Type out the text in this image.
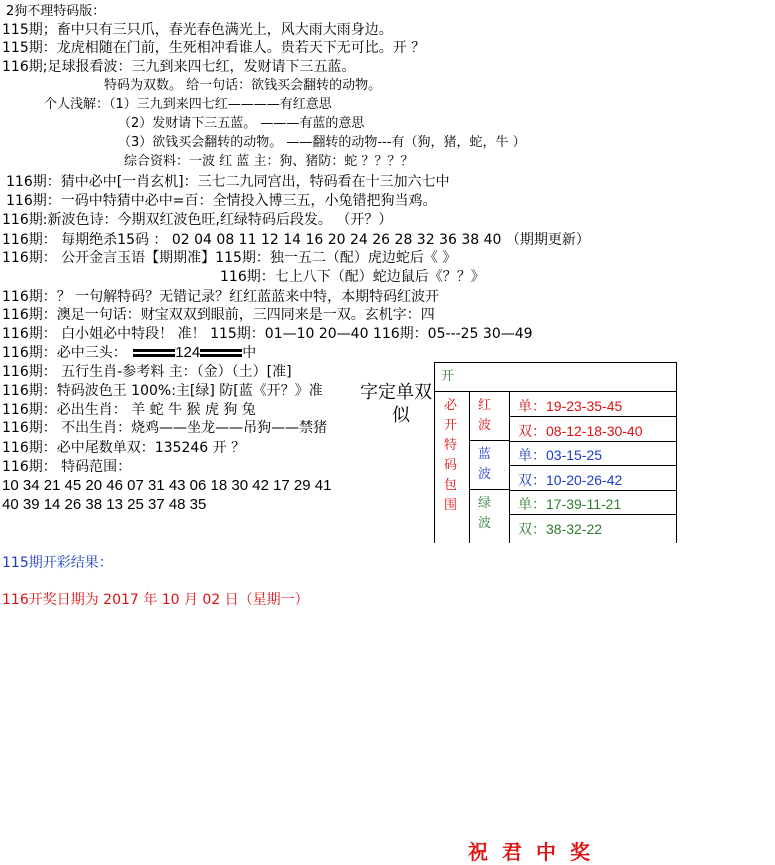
2狗不理特码版：
115期；畜中只有三只爪，春光春色满光上，风大雨大雨身边。
115期：龙虎相随在门前，生死相冲看谁人。贵若天下无可比。开 ？
116期;足球报看波：三九到来四七红，发财请下三五蓝。
特码为双数。 给一句话：欲钱买会翻转的动物。
个人浅解：（1）三九到来四七红————有红意思
（2）发财请下三五蓝。 ———有蓝的意思
（3）欲钱买会翻转的动物。 ——翻转的动物---有（狗，猪，蛇，牛 ）
综合资料：一波 红 蓝 主：狗、猪防：蛇 ？？？？
116期：猜中必中[一肖玄机]：三七二九同宫出，特码看在十三加六七中
116期：一码中特猜中必中=百：全情投入博三五，小兔错把狗当鸡。
116期:新波色诗：今期双红波色旺,红绿特码后段发。 （开？）
116期： 每期绝杀15码 ： 02 04 08 11 12 14 16 20 24 26 28 32 36 38 40 （期期更新）
116期： 公开金言玉语【期期准】115期：独一五二（配）虎边蛇后《 》
116期：七上八下（配）蛇边鼠后《？？》
116期：？ 一句解特码？无错记录？红红蓝蓝来中特，本期特码红波开
116期：澳足一句话：财宝双双到眼前，三四同来是一双。玄机字：四
116期： 白小姐必中特段！ 准！ 115期：01—10 20—40 116期：05---25 30—49
116期：必中三头：	124	中
116期： 五行生肖-参考料 主：（金）（土）[准]
116期：特码波色王 100%:主[绿] 防[蓝《开？》准
116期：必出生肖： 羊 蛇 牛 猴 虎 狗 兔
116期： 不出生肖：烧鸡——坐龙——吊狗——禁猪
116期：必中尾数单双：135246 开 ？
116期： 特码范围：
10 34 21 45 20 46 07 31 43 06 18 30 42 17 29 41
40 39 14 26 38 13 25 37 48 35
字定单双
似
开
必开特码包围
红波
单：19-23-35-45
双：08-12-18-30-40
蓝波
单：03-15-25
双：10-20-26-42
绿波
单：17-39-11-21
双：38-32-22
115期开彩结果：
116开奖日期为 2017 年 10 月 02 日（星期一）
祝君中奖
